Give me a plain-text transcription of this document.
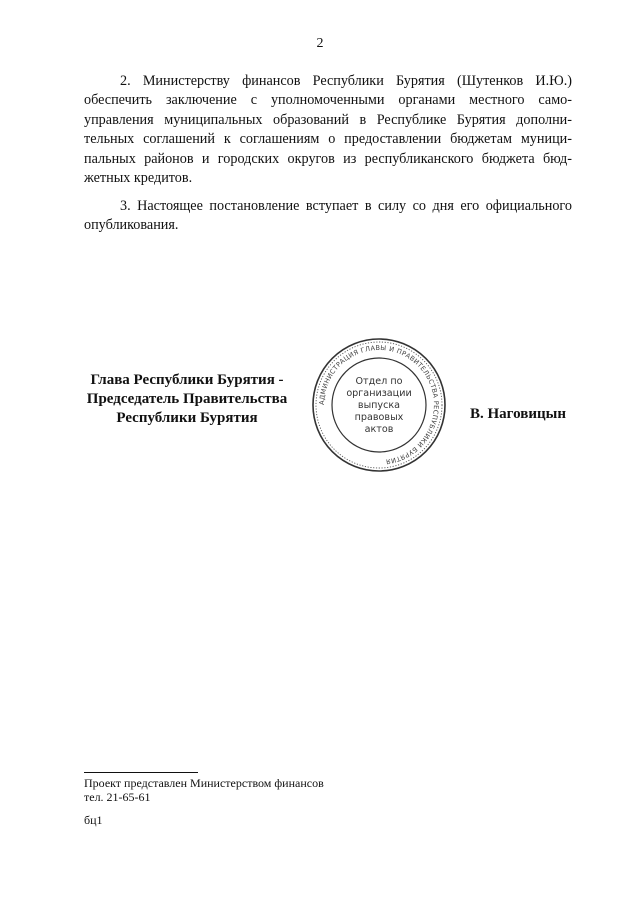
2

2. Министерству финансов Республики Бурятия (Шутенков И.Ю.) обеспечить заключение с уполномоченными органами местного самоуправления муниципальных образований в Республике Бурятия дополнительных соглашений к соглашениям о предоставлении бюджетам муниципальных районов и городских округов из республиканского бюджета бюджетных кредитов.

3. Настоящее постановление вступает в силу со дня его официального опубликования.

Глава Республики Бурятия -
Председатель Правительства
Республики Бурятия
АДМИНИСТРАЦИЯ ГЛАВЫ И ПРАВИТЕЛЬСТВА РЕСПУБЛИКИ БУРЯТИЯ
Отдел по
организации
выпуска
правовых
актов
В. Наговицын
Проект представлен Министерством финансов
тел. 21-65-61
бц1
